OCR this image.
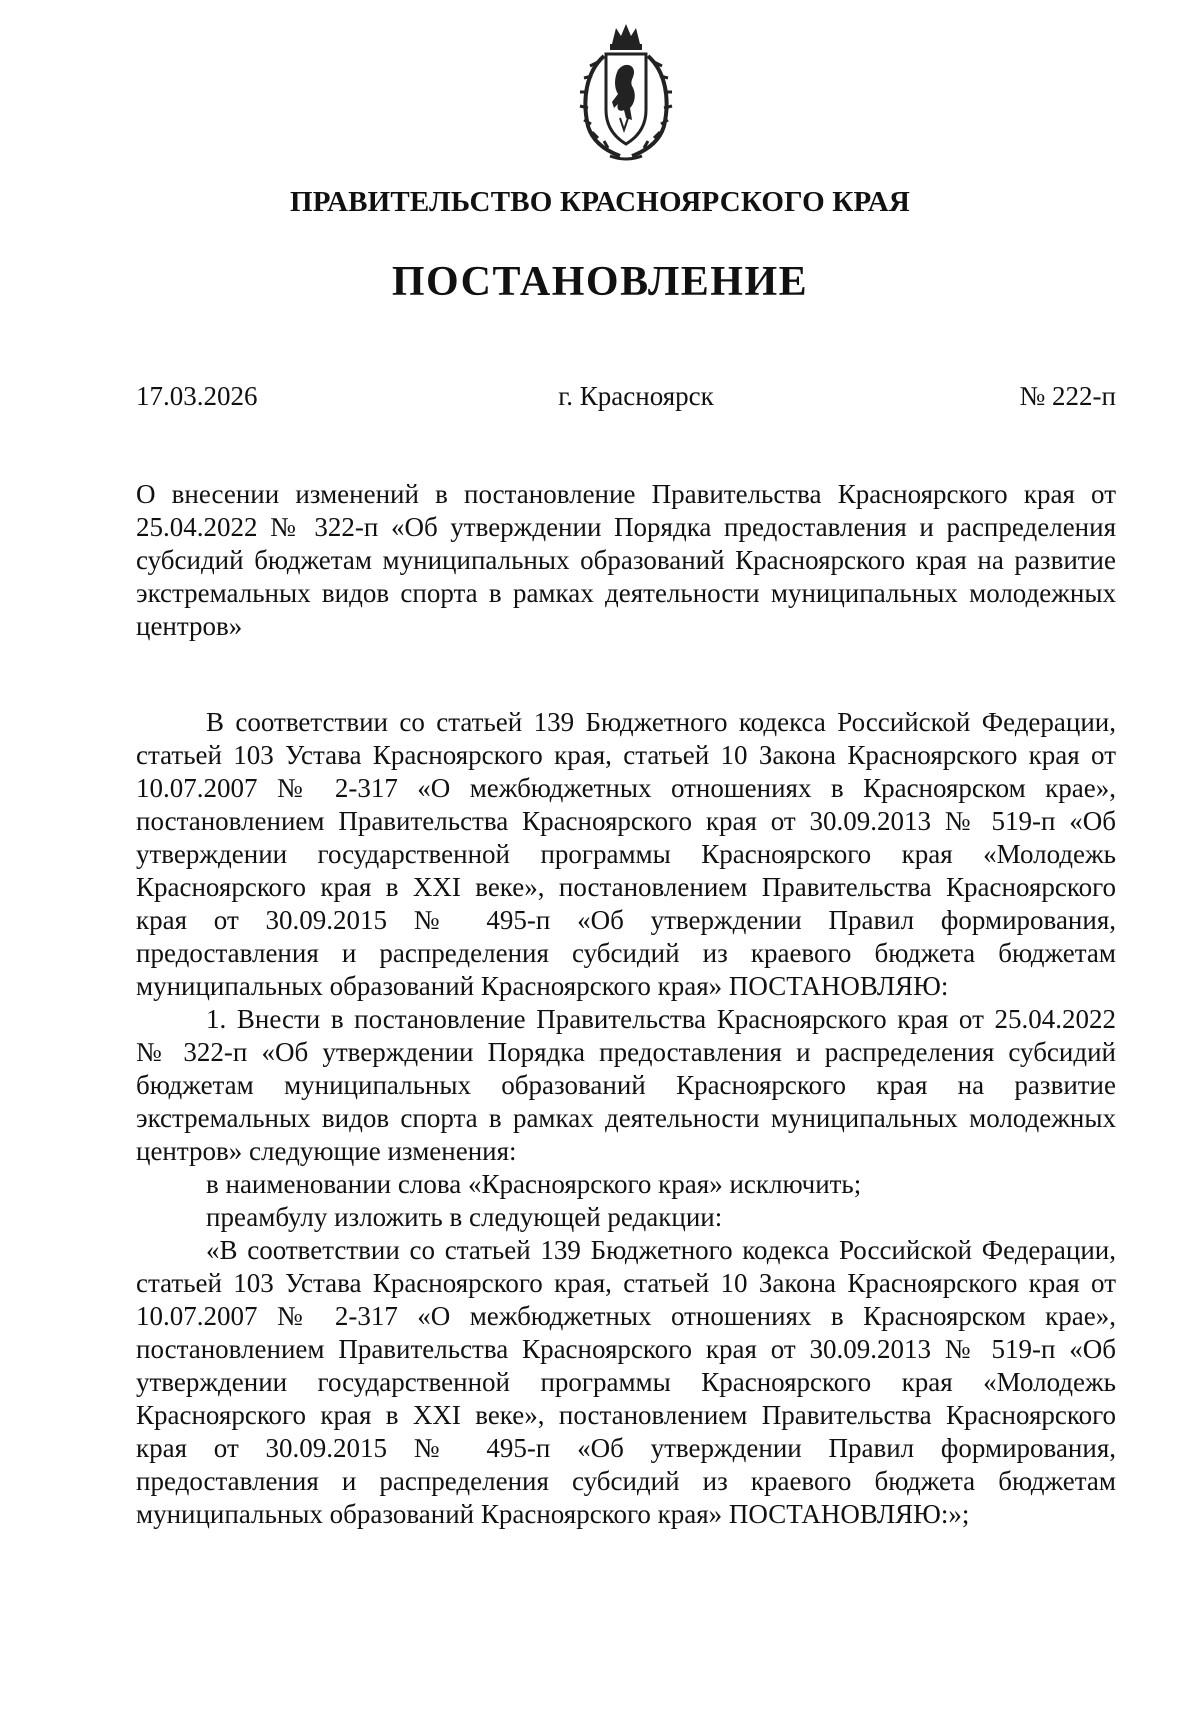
ПРАВИТЕЛЬСТВО КРАСНОЯРСКОГО КРАЯ
ПОСТАНОВЛЕНИЕ
17.03.2026	г. Красноярск	№ 222-п
О внесении изменений в постановление Правительства Красноярского края от 25.04.2022 № 322-п «Об утверждении Порядка предоставления и распределения субсидий бюджетам муниципальных образований Красноярского края на развитие экстремальных видов спорта в рамках деятельности муниципальных молодежных центров»

В соответствии со статьей 139 Бюджетного кодекса Российской Федерации, статьей 103 Устава Красноярского края, статьей 10 Закона Красноярского края от 10.07.2007 № 2-317 «О межбюджетных отношениях в Красноярском крае», постановлением Правительства Красноярского края от 30.09.2013 № 519-п «Об утверждении государственной программы Красноярского края «Молодежь Красноярского края в XXI веке», постановлением Правительства Красноярского края от 30.09.2015 № 495-п «Об утверждении Правил формирования, предоставления и распределения субсидий из краевого бюджета бюджетам муниципальных образований Красноярского края» ПОСТАНОВЛЯЮ:

1. Внести в постановление Правительства Красноярского края от 25.04.2022 № 322-п «Об утверждении Порядка предоставления и распределения субсидий бюджетам муниципальных образований Красноярского края на развитие экстремальных видов спорта в рамках деятельности муниципальных молодежных центров» следующие изменения:

в наименовании слова «Красноярского края» исключить;

преамбулу изложить в следующей редакции:

«В соответствии со статьей 139 Бюджетного кодекса Российской Федерации, статьей 103 Устава Красноярского края, статьей 10 Закона Красноярского края от 10.07.2007 № 2-317 «О межбюджетных отношениях в Красноярском крае», постановлением Правительства Красноярского края от 30.09.2013 № 519-п «Об утверждении государственной программы Красноярского края «Молодежь Красноярского края в XXI веке», постановлением Правительства Красноярского края от 30.09.2015 № 495-п «Об утверждении Правил формирования, предоставления и распределения субсидий из краевого бюджета бюджетам муниципальных образований Красноярского края» ПОСТАНОВЛЯЮ:»;
